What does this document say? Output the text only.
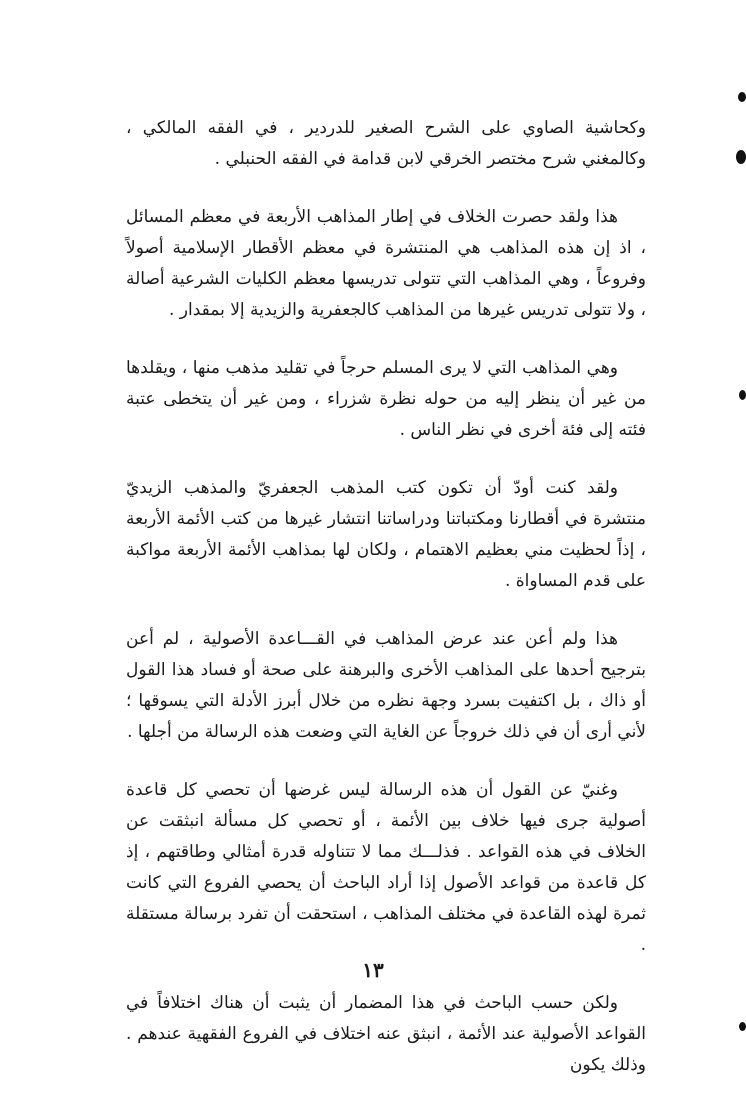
وكحاشية الصاوي على الشرح الصغير للدردير ، في الفقه المالكي ، وكالمغني شرح مختصر الخرقي لابن قدامة في الفقه الحنبلي .

هذا ولقد حصرت الخلاف في إطار المذاهب الأربعة في معظم المسائل ، اذ إن هذه المذاهب هي المنتشرة في معظم الأقطار الإسلامية أصولاً وفروعاً ، وهي المذاهب التي تتولى تدريسها معظم الكليات الشرعية أصالة ، ولا تتولى تدريس غيرها من المذاهب كالجعفرية والزيدية إلا بمقدار .

وهي المذاهب التي لا يرى المسلم حرجاً في تقليد مذهب منها ، ويقلدها من غير أن ينظر إليه من حوله نظرة شزراء ، ومن غير أن يتخطى عتبة فئته إلى فئة أخرى في نظر الناس .

ولقد كنت أودّ أن تكون كتب المذهب الجعفريّ والمذهب الزيديّ منتشرة في أقطارنا ومكتباتنا ودراساتنا انتشار غيرها من كتب الأئمة الأربعة ، إذاً لحظيت مني بعظيم الاهتمام ، ولكان لها بمذاهب الأئمة الأربعة مواكبة على قدم المساواة .

هذا ولم أعن عند عرض المذاهب في القـــاعدة الأصولية ، لم أعن بترجيح أحدها على المذاهب الأخرى والبرهنة على صحة أو فساد هذا القول أو ذاك ، بل اكتفيت بسرد وجهة نظره من خلال أبرز الأدلة التي يسوقها ؛ لأني أرى أن في ذلك خروجاً عن الغاية التي وضعت هذه الرسالة من أجلها .

وغنيّ عن القول أن هذه الرسالة ليس غرضها أن تحصي كل قاعدة أصولية جرى فيها خلاف بين الأئمة ، أو تحصي كل مسألة انبثقت عن الخلاف في هذه القواعد . فذلـــك مما لا تتناوله قدرة أمثالي وطاقتهم ، إذ كل قاعدة من قواعد الأصول إذا أراد الباحث أن يحصي الفروع التي كانت ثمرة لهذه القاعدة في مختلف المذاهب ، استحقت أن تفرد برسالة مستقلة .

ولكن حسب الباحث في هذا المضمار أن يثبت أن هناك اختلافاً في القواعد الأصولية عند الأئمة ، انبثق عنه اختلاف في الفروع الفقهية عندهم . وذلك يكون

١٣
